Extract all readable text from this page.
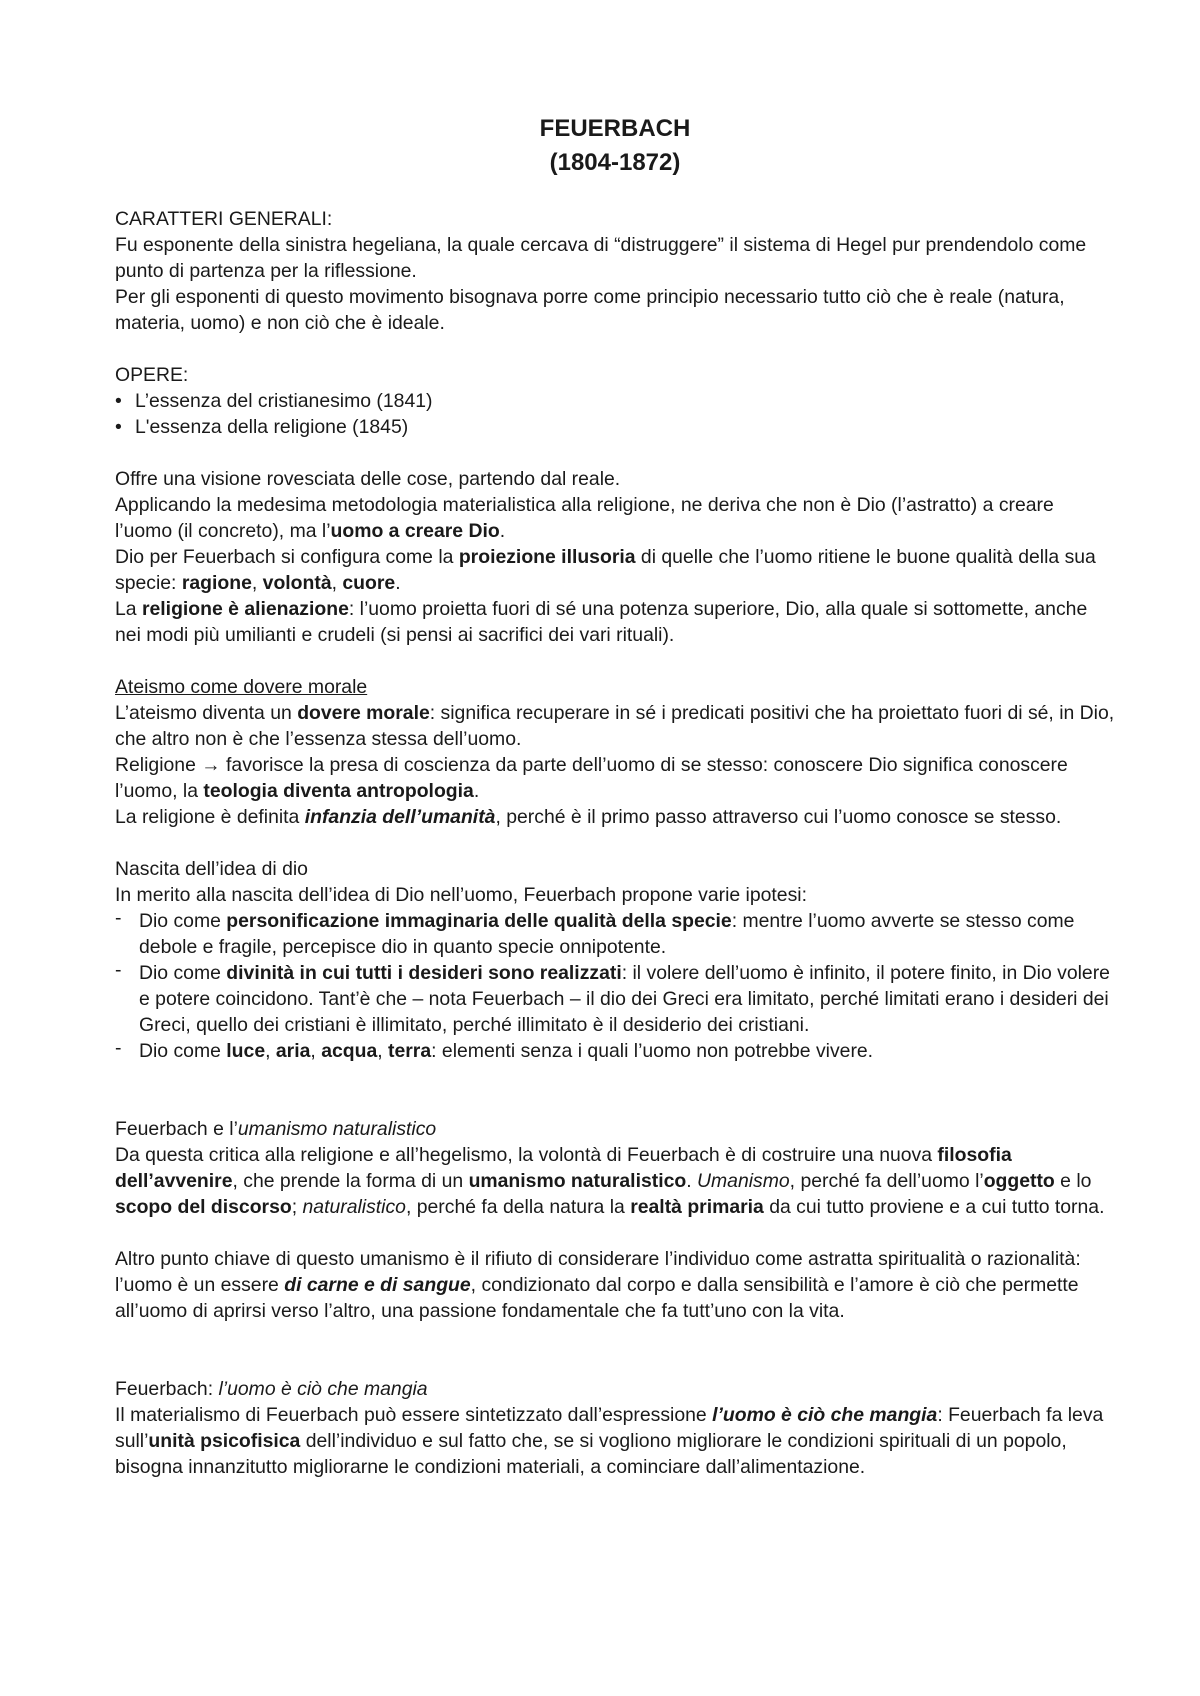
FEUERBACH

(1804-1872)

CARATTERI GENERALI:

Fu esponente della sinistra hegeliana, la quale cercava di “distruggere” il sistema di Hegel pur prendendolo come punto di partenza per la riflessione.

Per gli esponenti di questo movimento bisognava porre come principio necessario tutto ciò che è reale (natura, materia, uomo) e non ciò che è ideale.

OPERE:

• L’essenza del cristianesimo (1841)

• L'essenza della religione (1845)

Offre una visione rovesciata delle cose, partendo dal reale.

Applicando la medesima metodologia materialistica alla religione, ne deriva che non è Dio (l’astratto) a creare l’uomo (il concreto), ma l’uomo a creare Dio.

Dio per Feuerbach si configura come la proiezione illusoria di quelle che l’uomo ritiene le buone qualità della sua specie: ragione, volontà, cuore.

La religione è alienazione: l’uomo proietta fuori di sé una potenza superiore, Dio, alla quale si sottomette, anche nei modi più umilianti e crudeli (si pensi ai sacrifici dei vari rituali).

Ateismo come dovere morale

L’ateismo diventa un dovere morale: significa recuperare in sé i predicati positivi che ha proiettato fuori di sé, in Dio, che altro non è che l’essenza stessa dell’uomo.

Religione → favorisce la presa di coscienza da parte dell’uomo di se stesso: conoscere Dio significa conoscere l’uomo, la teologia diventa antropologia.

La religione è definita infanzia dell’umanità, perché è il primo passo attraverso cui l’uomo conosce se stesso.

Nascita dell’idea di dio

In merito alla nascita dell’idea di Dio nell’uomo, Feuerbach propone varie ipotesi:

- Dio come personificazione immaginaria delle qualità della specie: mentre l’uomo avverte se stesso come debole e fragile, percepisce dio in quanto specie onnipotente.

- Dio come divinità in cui tutti i desideri sono realizzati: il volere dell’uomo è infinito, il potere finito, in Dio volere e potere coincidono. Tant’è che – nota Feuerbach – il dio dei Greci era limitato, perché limitati erano i desideri dei Greci, quello dei cristiani è illimitato, perché illimitato è il desiderio dei cristiani.

- Dio come luce, aria, acqua, terra: elementi senza i quali l’uomo non potrebbe vivere.

Feuerbach e l’umanismo naturalistico

Da questa critica alla religione e all’hegelismo, la volontà di Feuerbach è di costruire una nuova filosofia dell’avvenire, che prende la forma di un umanismo naturalistico. Umanismo, perché fa dell’uomo l’oggetto e lo scopo del discorso; naturalistico, perché fa della natura la realtà primaria da cui tutto proviene e a cui tutto torna.

Altro punto chiave di questo umanismo è il rifiuto di considerare l’individuo come astratta spiritualità o razionalità: l’uomo è un essere di carne e di sangue, condizionato dal corpo e dalla sensibilità e l’amore è ciò che permette all’uomo di aprirsi verso l’altro, una passione fondamentale che fa tutt’uno con la vita.

Feuerbach: l’uomo è ciò che mangia

Il materialismo di Feuerbach può essere sintetizzato dall’espressione l’uomo è ciò che mangia: Feuerbach fa leva sull’unità psicofisica dell’individuo e sul fatto che, se si vogliono migliorare le condizioni spirituali di un popolo, bisogna innanzitutto migliorarne le condizioni materiali, a cominciare dall’alimentazione.
